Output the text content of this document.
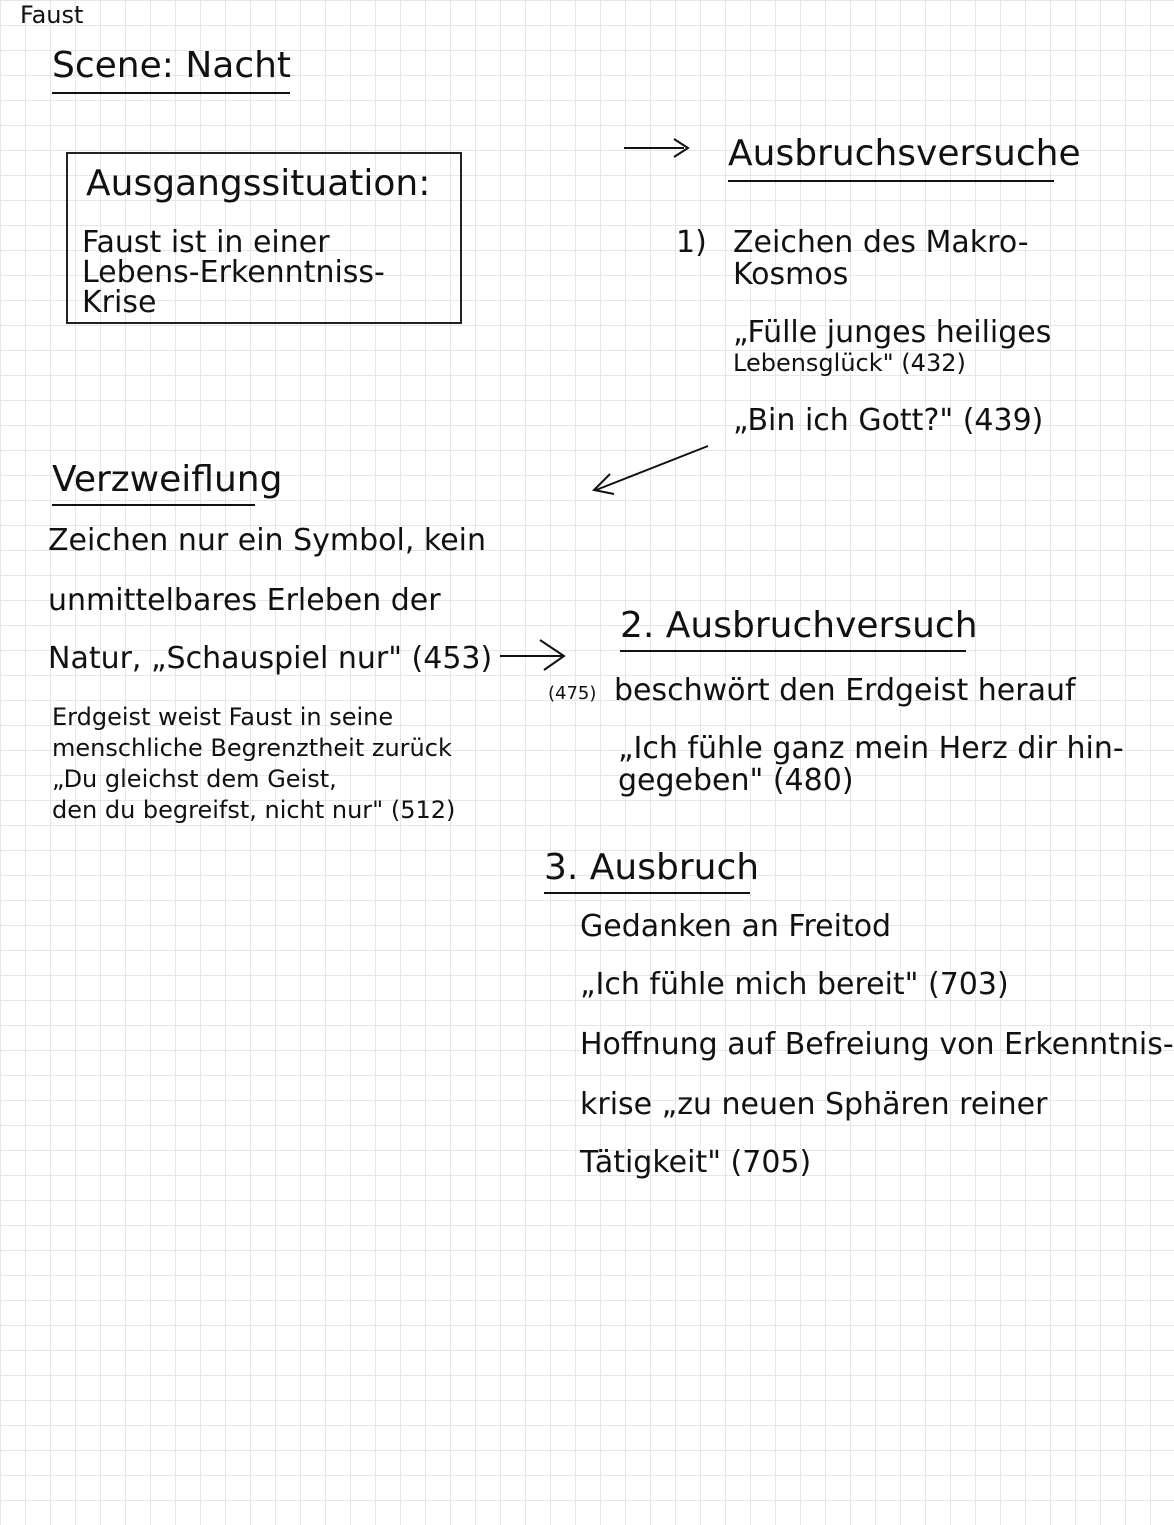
Faust
Scene: Nacht
Ausgangssituation:
Faust ist in einer
Lebens-Erkenntniss-
Krise
Ausbruchsversuche
1) Zeichen des Makro-
Kosmos
„Fülle junges heiliges
Lebensglück" (432)
„Bin ich Gott?" (439)
Verzweiflung
Zeichen nur ein Symbol, kein
unmittelbares Erleben der
Natur, „Schauspiel nur" (453)
Erdgeist weist Faust in seine
menschliche Begrenztheit zurück
„Du gleichst dem Geist,
den du begreifst, nicht nur" (512)
2. Ausbruchversuch
(475) beschwört den Erdgeist herauf
„Ich fühle ganz mein Herz dir hin-
gegeben" (480)
3. Ausbruch
Gedanken an Freitod
„Ich fühle mich bereit" (703)
Hoffnung auf Befreiung von Erkenntnis-
krise „zu neuen Sphären reiner
Tätigkeit" (705)
